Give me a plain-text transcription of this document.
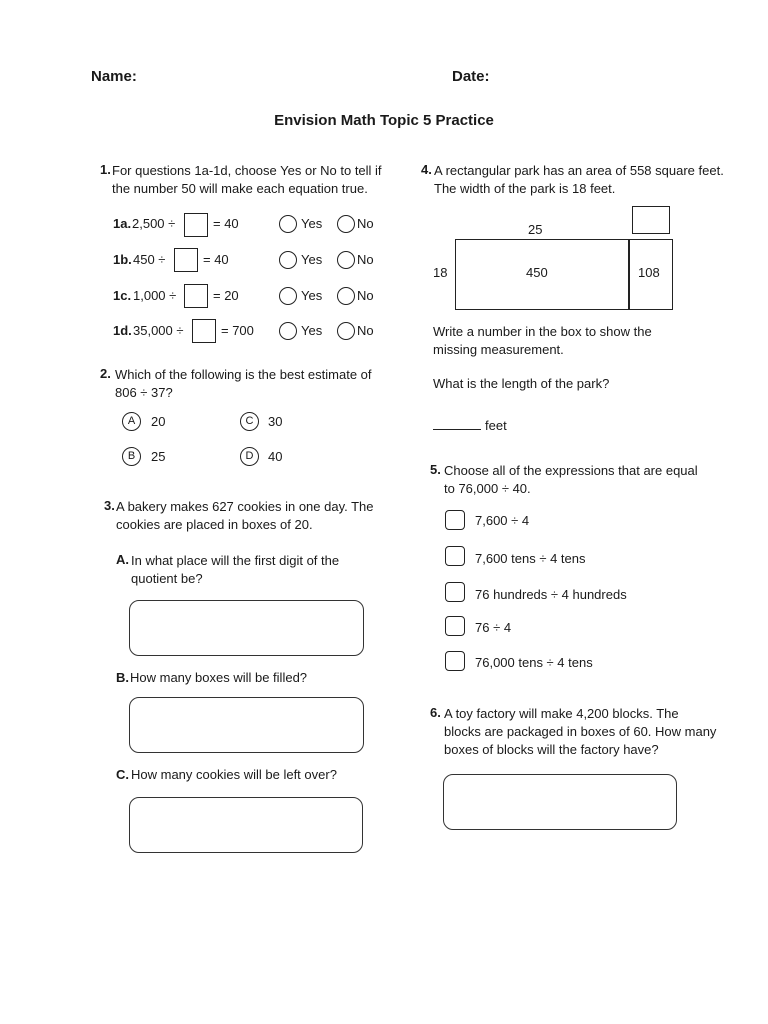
Name:	Date:
Envision Math Topic 5 Practice
1. For questions 1a-1d, choose Yes or No to tell if the number 50 will make each equation true.
1a. 2,500 ÷	= 40	Yes	No
1b. 450 ÷	= 40	Yes	No
1c. 1,000 ÷	= 20	Yes	No
1d. 35,000 ÷	= 700	Yes	No
2. Which of the following is the best estimate of 806 ÷ 37?
A	20	C	30
B	25	D	40
3. A bakery makes 627 cookies in one day. The cookies are placed in boxes of 20.
A. In what place will the first digit of the quotient be?
B. How many boxes will be filled?
C. How many cookies will be left over?
4. A rectangular park has an area of 558 square feet. The width of the park is 18 feet.
25
18	450	108
Write a number in the box to show the missing measurement.
What is the length of the park?
feet
5. Choose all of the expressions that are equal to 76,000 ÷ 40.
7,600 ÷ 4
7,600 tens ÷ 4 tens
76 hundreds ÷ 4 hundreds
76 ÷ 4
76,000 tens ÷ 4 tens
6. A toy factory will make 4,200 blocks. The blocks are packaged in boxes of 60. How many boxes of blocks will the factory have?
